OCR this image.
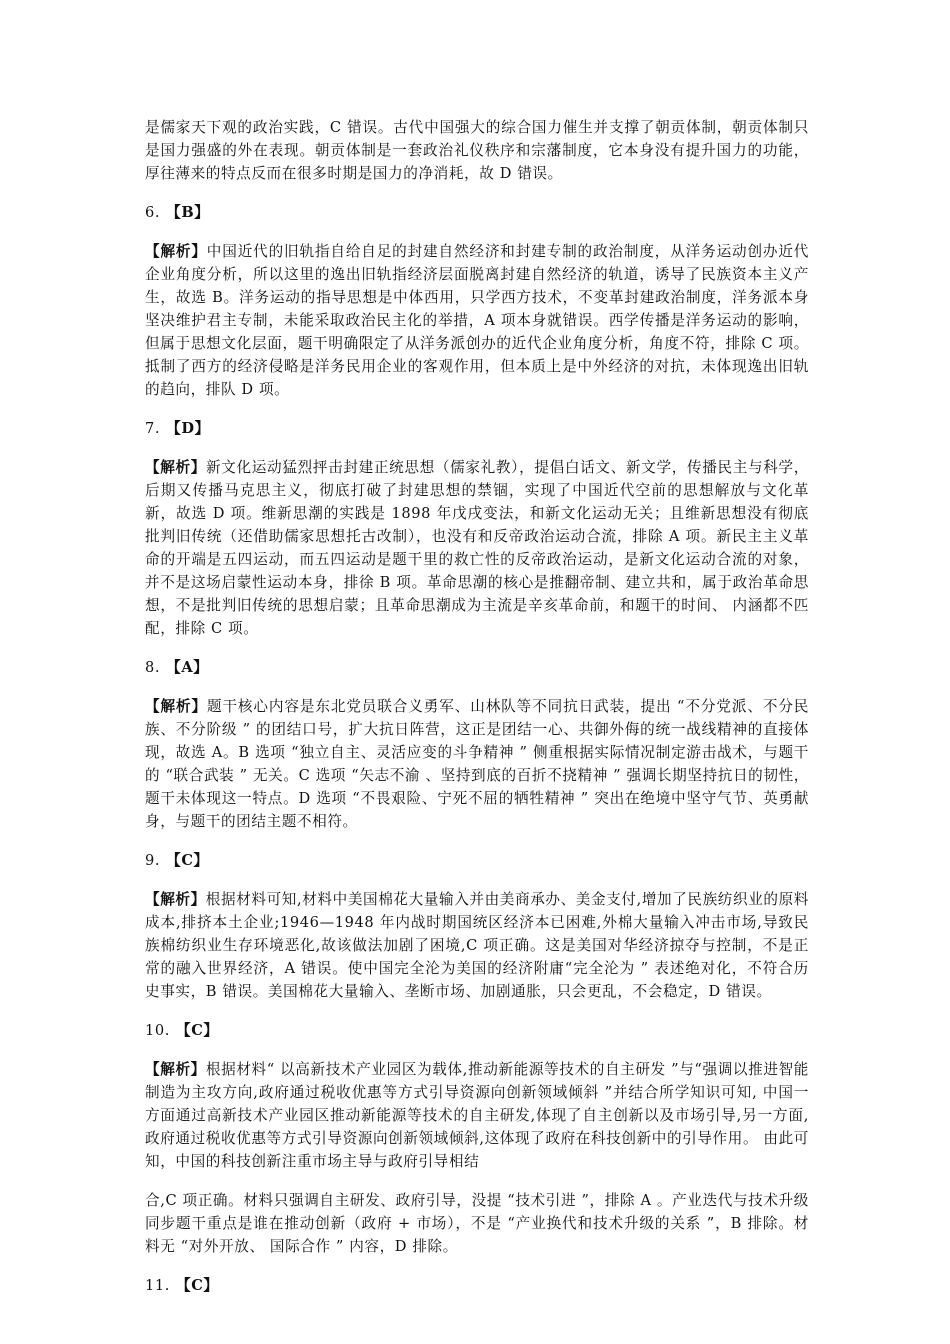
是儒家天下观的政治实践，C 错误。古代中国强大的综合国力催生并支撑了朝贡体制，朝贡体制只是国力强盛的外在表现。朝贡体制是一套政治礼仪秩序和宗藩制度，它本身没有提升国力的功能，厚往薄来的特点反而在很多时期是国力的净消耗，故 D 错误。

6. 【B】

【解析】中国近代的旧轨指自给自足的封建自然经济和封建专制的政治制度，从洋务运动创办近代企业角度分析，所以这里的逸出旧轨指经济层面脱离封建自然经济的轨道，诱导了民族资本主义产生，故选 B。洋务运动的指导思想是中体西用，只学西方技术，不变革封建政治制度，洋务派本身坚决维护君主专制，未能采取政治民主化的举措，A 项本身就错误。西学传播是洋务运动的影响，但属于思想文化层面，题干明确限定了从洋务派创办的近代企业角度分析，角度不符，排除 C 项。抵制了西方的经济侵略是洋务民用企业的客观作用，但本质上是中外经济的对抗，未体现逸出旧轨的趋向，排队 D 项。

7. 【D】

【解析】新文化运动猛烈抨击封建正统思想（儒家礼教），提倡白话文、新文学，传播民主与科学，后期又传播马克思主义，彻底打破了封建思想的禁锢，实现了中国近代空前的思想解放与文化革新，故选 D 项。维新思潮的实践是 1898 年戊戌变法，和新文化运动无关；且维新思想没有彻底批判旧传统（还借助儒家思想托古改制），也没有和反帝政治运动合流，排除 A 项。新民主主义革命的开端是五四运动，而五四运动是题干里的救亡性的反帝政治运动，是新文化运动合流的对象，并不是这场启蒙性运动本身，排徐 B 项。革命思潮的核心是推翻帝制、建立共和，属于政治革命思想，不是批判旧传统的思想启蒙；且革命思潮成为主流是辛亥革命前，和题干的时间、 内涵都不匹配，排除 C 项。

8. 【A】

【解析】题干核心内容是东北党员联合义勇军、山林队等不同抗日武装，提出 “不分党派、不分民族、不分阶级 ” 的团结口号，扩大抗日阵营，这正是团结一心、共御外侮的统一战线精神的直接体现，故选 A。B 选项 “独立自主、灵活应变的斗争精神 ” 侧重根据实际情况制定游击战术，与题干的 “联合武装 ” 无关。C 选项 “矢志不渝 、坚持到底的百折不挠精神 ” 强调长期坚持抗日的韧性，题干未体现这一特点。D 选项 “不畏艰险、宁死不屈的牺牲精神 ” 突出在绝境中坚守气节、英勇献身，与题干的团结主题不相符。

9. 【C】

【解析】根据材料可知,材料中美国棉花大量输入并由美商承办、美金支付,增加了民族纺织业的原料成本,排挤本土企业;1946—1948 年内战时期国统区经济本已困难,外棉大量输入冲击市场,导致民族棉纺织业生存环境恶化,故该做法加剧了困境,C 项正确。这是美国对华经济掠夺与控制，不是正常的融入世界经济，A 错误。使中国完全沦为美国的经济附庸“完全沦为 ” 表述绝对化，不符合历史事实，B 错误。美国棉花大量输入、垄断市场、加剧通胀，只会更乱，不会稳定，D 错误。

10. 【C】

【解析】根据材料“ 以高新技术产业园区为载体,推动新能源等技术的自主研发 ”与“强调以推进智能制造为主攻方向,政府通过税收优惠等方式引导资源向创新领域倾斜 ”并结合所学知识可知, 中国一方面通过高新技术产业园区推动新能源等技术的自主研发,体现了自主创新以及市场引导,另一方面,政府通过税收优惠等方式引导资源向创新领域倾斜,这体现了政府在科技创新中的引导作用。 由此可知，中国的科技创新注重市场主导与政府引导相结

合,C 项正确。材料只强调自主研发、政府引导，没提 “技术引进 ”，排除 A 。产业迭代与技术升级同步题干重点是谁在推动创新（政府 + 市场），不是 “产业换代和技术升级的关系 ”，B 排除。材料无 “对外开放、 国际合作 ” 内容，D 排除。

11. 【C】
